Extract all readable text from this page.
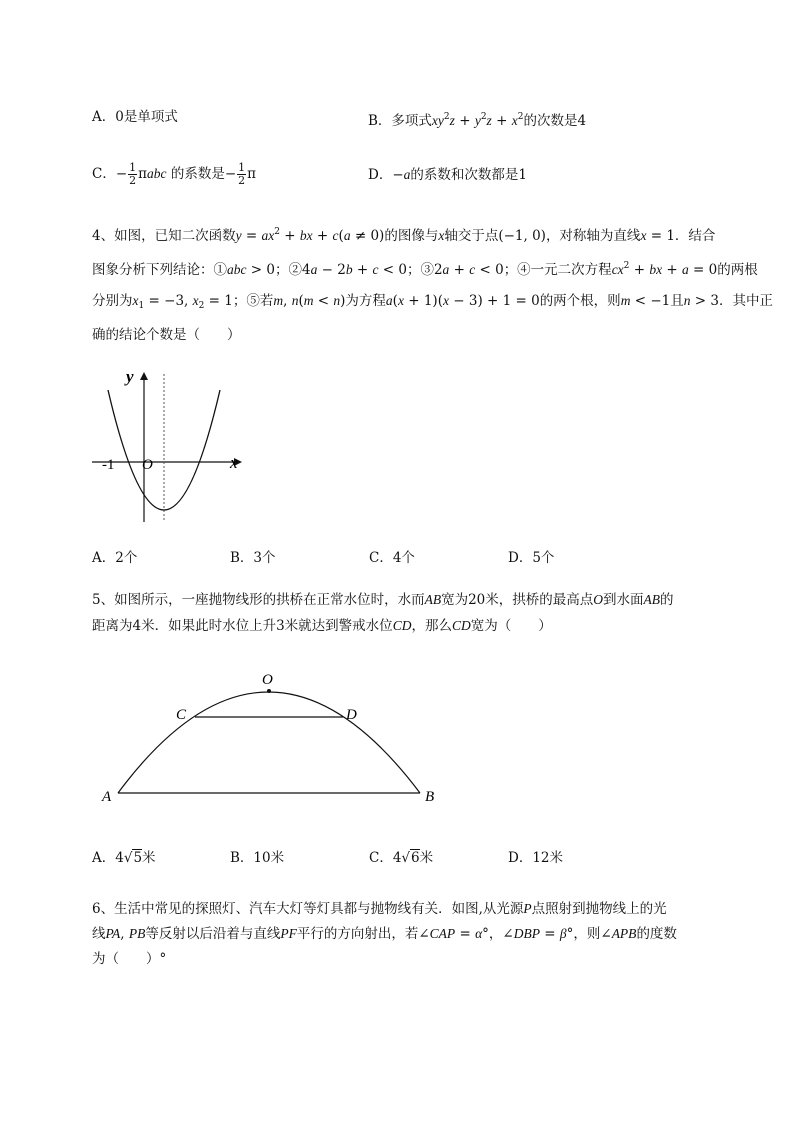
A．0是单项式	B．多项式$xy^2z + y^2z + x^2$的次数是4
C．− $\frac{1}{2}$ πabc 的系数是− $\frac{1}{2}$ π	D．−a的系数和次数都是1
4、如图，已知二次函数$y = ax^2$ + bx + c(a ≠ 0)的图像与x轴交于点(−1, 0)，对称轴为直线x = 1．结合
图象分析下列结论：①abc > 0；②4a − 2b + c < 0；③2a + c < 0；④一元二次方程$cx^2$ + bx + a = 0的两根
分别为$x_1 = -3$, $x_2 = 1$；⑤若m, n(m < n)为方程a(x + 1)(x − 3) + 1 = 0的两个根，则m < −1且n > 3．其中正
确的结论个数是（　　）
y
x
-1 O
A．2个	B．3个	C．4个	D．5个
5、如图所示，一座抛物线形的拱桥在正常水位时，水而AB宽为20米，拱桥的最高点O到水面AB的
距离为4米．如果此时水位上升3米就达到警戒水位CD，那么CD宽为（　　）
O
C	D
A	B
A．4√5米	B．10米	C．4√6米	D．12米
6、生活中常见的探照灯、汽车大灯等灯具都与抛物线有关．如图,从光源P点照射到抛物线上的光
线PA, PB等反射以后沿着与直线PF平行的方向射出，若∠CAP = α°，∠DBP = β°，则∠APB的度数
为（　　）°
